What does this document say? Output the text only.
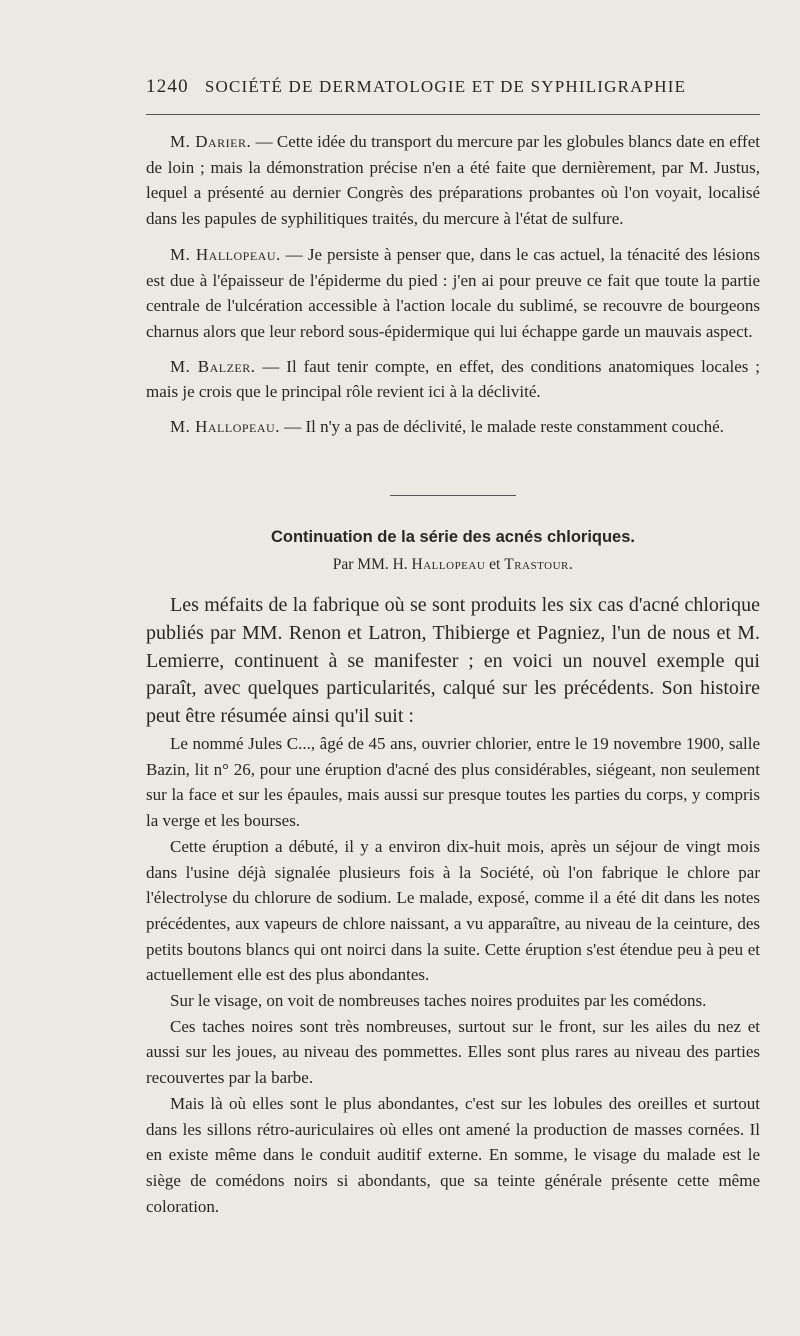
1240 SOCIÉTÉ DE DERMATOLOGIE ET DE SYPHILIGRAPHIE

M. Darier. — Cette idée du transport du mercure par les globules blancs date en effet de loin ; mais la démonstration précise n'en a été faite que dernièrement, par M. Justus, lequel a présenté au dernier Congrès des préparations probantes où l'on voyait, localisé dans les papules de syphilitiques traités, du mercure à l'état de sulfure.

M. Hallopeau. — Je persiste à penser que, dans le cas actuel, la ténacité des lésions est due à l'épaisseur de l'épiderme du pied : j'en ai pour preuve ce fait que toute la partie centrale de l'ulcération accessible à l'action locale du sublimé, se recouvre de bourgeons charnus alors que leur rebord sous-épidermique qui lui échappe garde un mauvais aspect.

M. Balzer. — Il faut tenir compte, en effet, des conditions anatomiques locales ; mais je crois que le principal rôle revient ici à la déclivité.

M. Hallopeau. — Il n'y a pas de déclivité, le malade reste constamment couché.

Continuation de la série des acnés chloriques.
Par MM. H. Hallopeau et Trastour.

Les méfaits de la fabrique où se sont produits les six cas d'acné chlorique publiés par MM. Renon et Latron, Thibierge et Pagniez, l'un de nous et M. Lemierre, continuent à se manifester ; en voici un nouvel exemple qui paraît, avec quelques particularités, calqué sur les précédents. Son histoire peut être résumée ainsi qu'il suit :

Le nommé Jules C..., âgé de 45 ans, ouvrier chlorier, entre le 19 novembre 1900, salle Bazin, lit n° 26, pour une éruption d'acné des plus considérables, siégeant, non seulement sur la face et sur les épaules, mais aussi sur presque toutes les parties du corps, y compris la verge et les bourses.

Cette éruption a débuté, il y a environ dix-huit mois, après un séjour de vingt mois dans l'usine déjà signalée plusieurs fois à la Société, où l'on fabrique le chlore par l'électrolyse du chlorure de sodium. Le malade, exposé, comme il a été dit dans les notes précédentes, aux vapeurs de chlore naissant, a vu apparaître, au niveau de la ceinture, des petits boutons blancs qui ont noirci dans la suite. Cette éruption s'est étendue peu à peu et actuellement elle est des plus abondantes.

Sur le visage, on voit de nombreuses taches noires produites par les comédons.

Ces taches noires sont très nombreuses, surtout sur le front, sur les ailes du nez et aussi sur les joues, au niveau des pommettes. Elles sont plus rares au niveau des parties recouvertes par la barbe.

Mais là où elles sont le plus abondantes, c'est sur les lobules des oreilles et surtout dans les sillons rétro-auriculaires où elles ont amené la production de masses cornées. Il en existe même dans le conduit auditif externe. En somme, le visage du malade est le siège de comédons noirs si abondants, que sa teinte générale présente cette même coloration.
